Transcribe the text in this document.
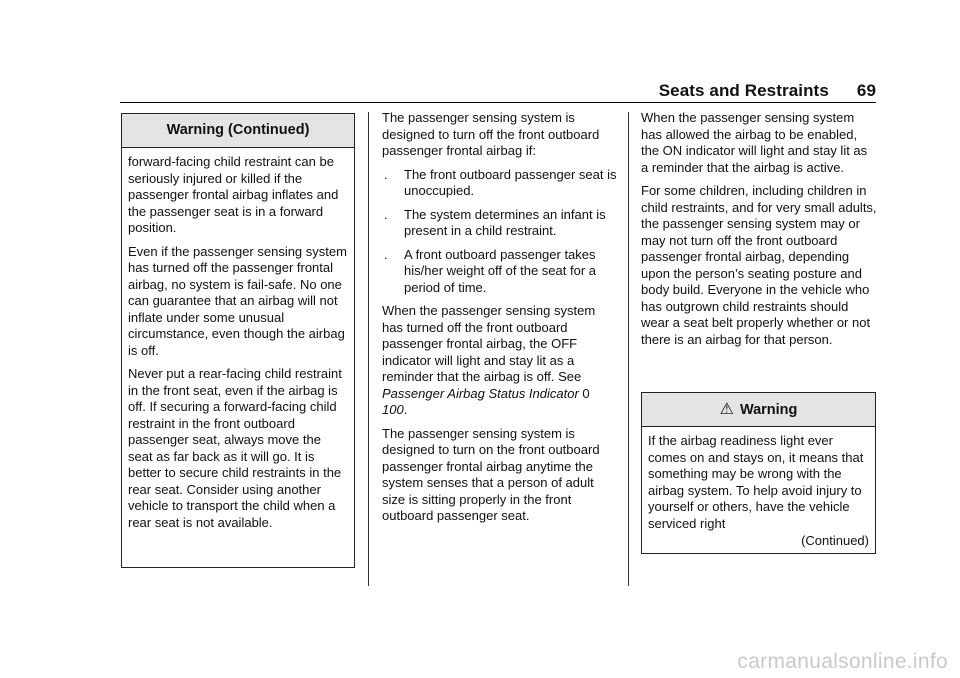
Seats and Restraints 69
Warning (Continued)

forward-facing child restraint can be seriously injured or killed if the passenger frontal airbag inflates and the passenger seat is in a forward position.

Even if the passenger sensing system has turned off the passenger frontal airbag, no system is fail-safe. No one can guarantee that an airbag will not inflate under some unusual circumstance, even though the airbag is off.

Never put a rear-facing child restraint in the front seat, even if the airbag is off. If securing a forward-facing child restraint in the front outboard passenger seat, always move the seat as far back as it will go. It is better to secure child restraints in the rear seat. Consider using another vehicle to transport the child when a rear seat is not available.

The passenger sensing system is designed to turn off the front outboard passenger frontal airbag if:

. The front outboard passenger seat is unoccupied.
. The system determines an infant is present in a child restraint.
. A front outboard passenger takes his/her weight off of the seat for a period of time.

When the passenger sensing system has turned off the front outboard passenger frontal airbag, the OFF indicator will light and stay lit as a reminder that the airbag is off. See Passenger Airbag Status Indicator 0 100.

The passenger sensing system is designed to turn on the front outboard passenger frontal airbag anytime the system senses that a person of adult size is sitting properly in the front outboard passenger seat.

When the passenger sensing system has allowed the airbag to be enabled, the ON indicator will light and stay lit as a reminder that the airbag is active.

For some children, including children in child restraints, and for very small adults, the passenger sensing system may or may not turn off the front outboard passenger frontal airbag, depending upon the person’s seating posture and body build. Everyone in the vehicle who has outgrown child restraints should wear a seat belt properly whether or not there is an airbag for that person.

⚠ Warning

If the airbag readiness light ever comes on and stays on, it means that something may be wrong with the airbag system. To help avoid injury to yourself or others, have the vehicle serviced right

(Continued)
carmanualsonline.info
